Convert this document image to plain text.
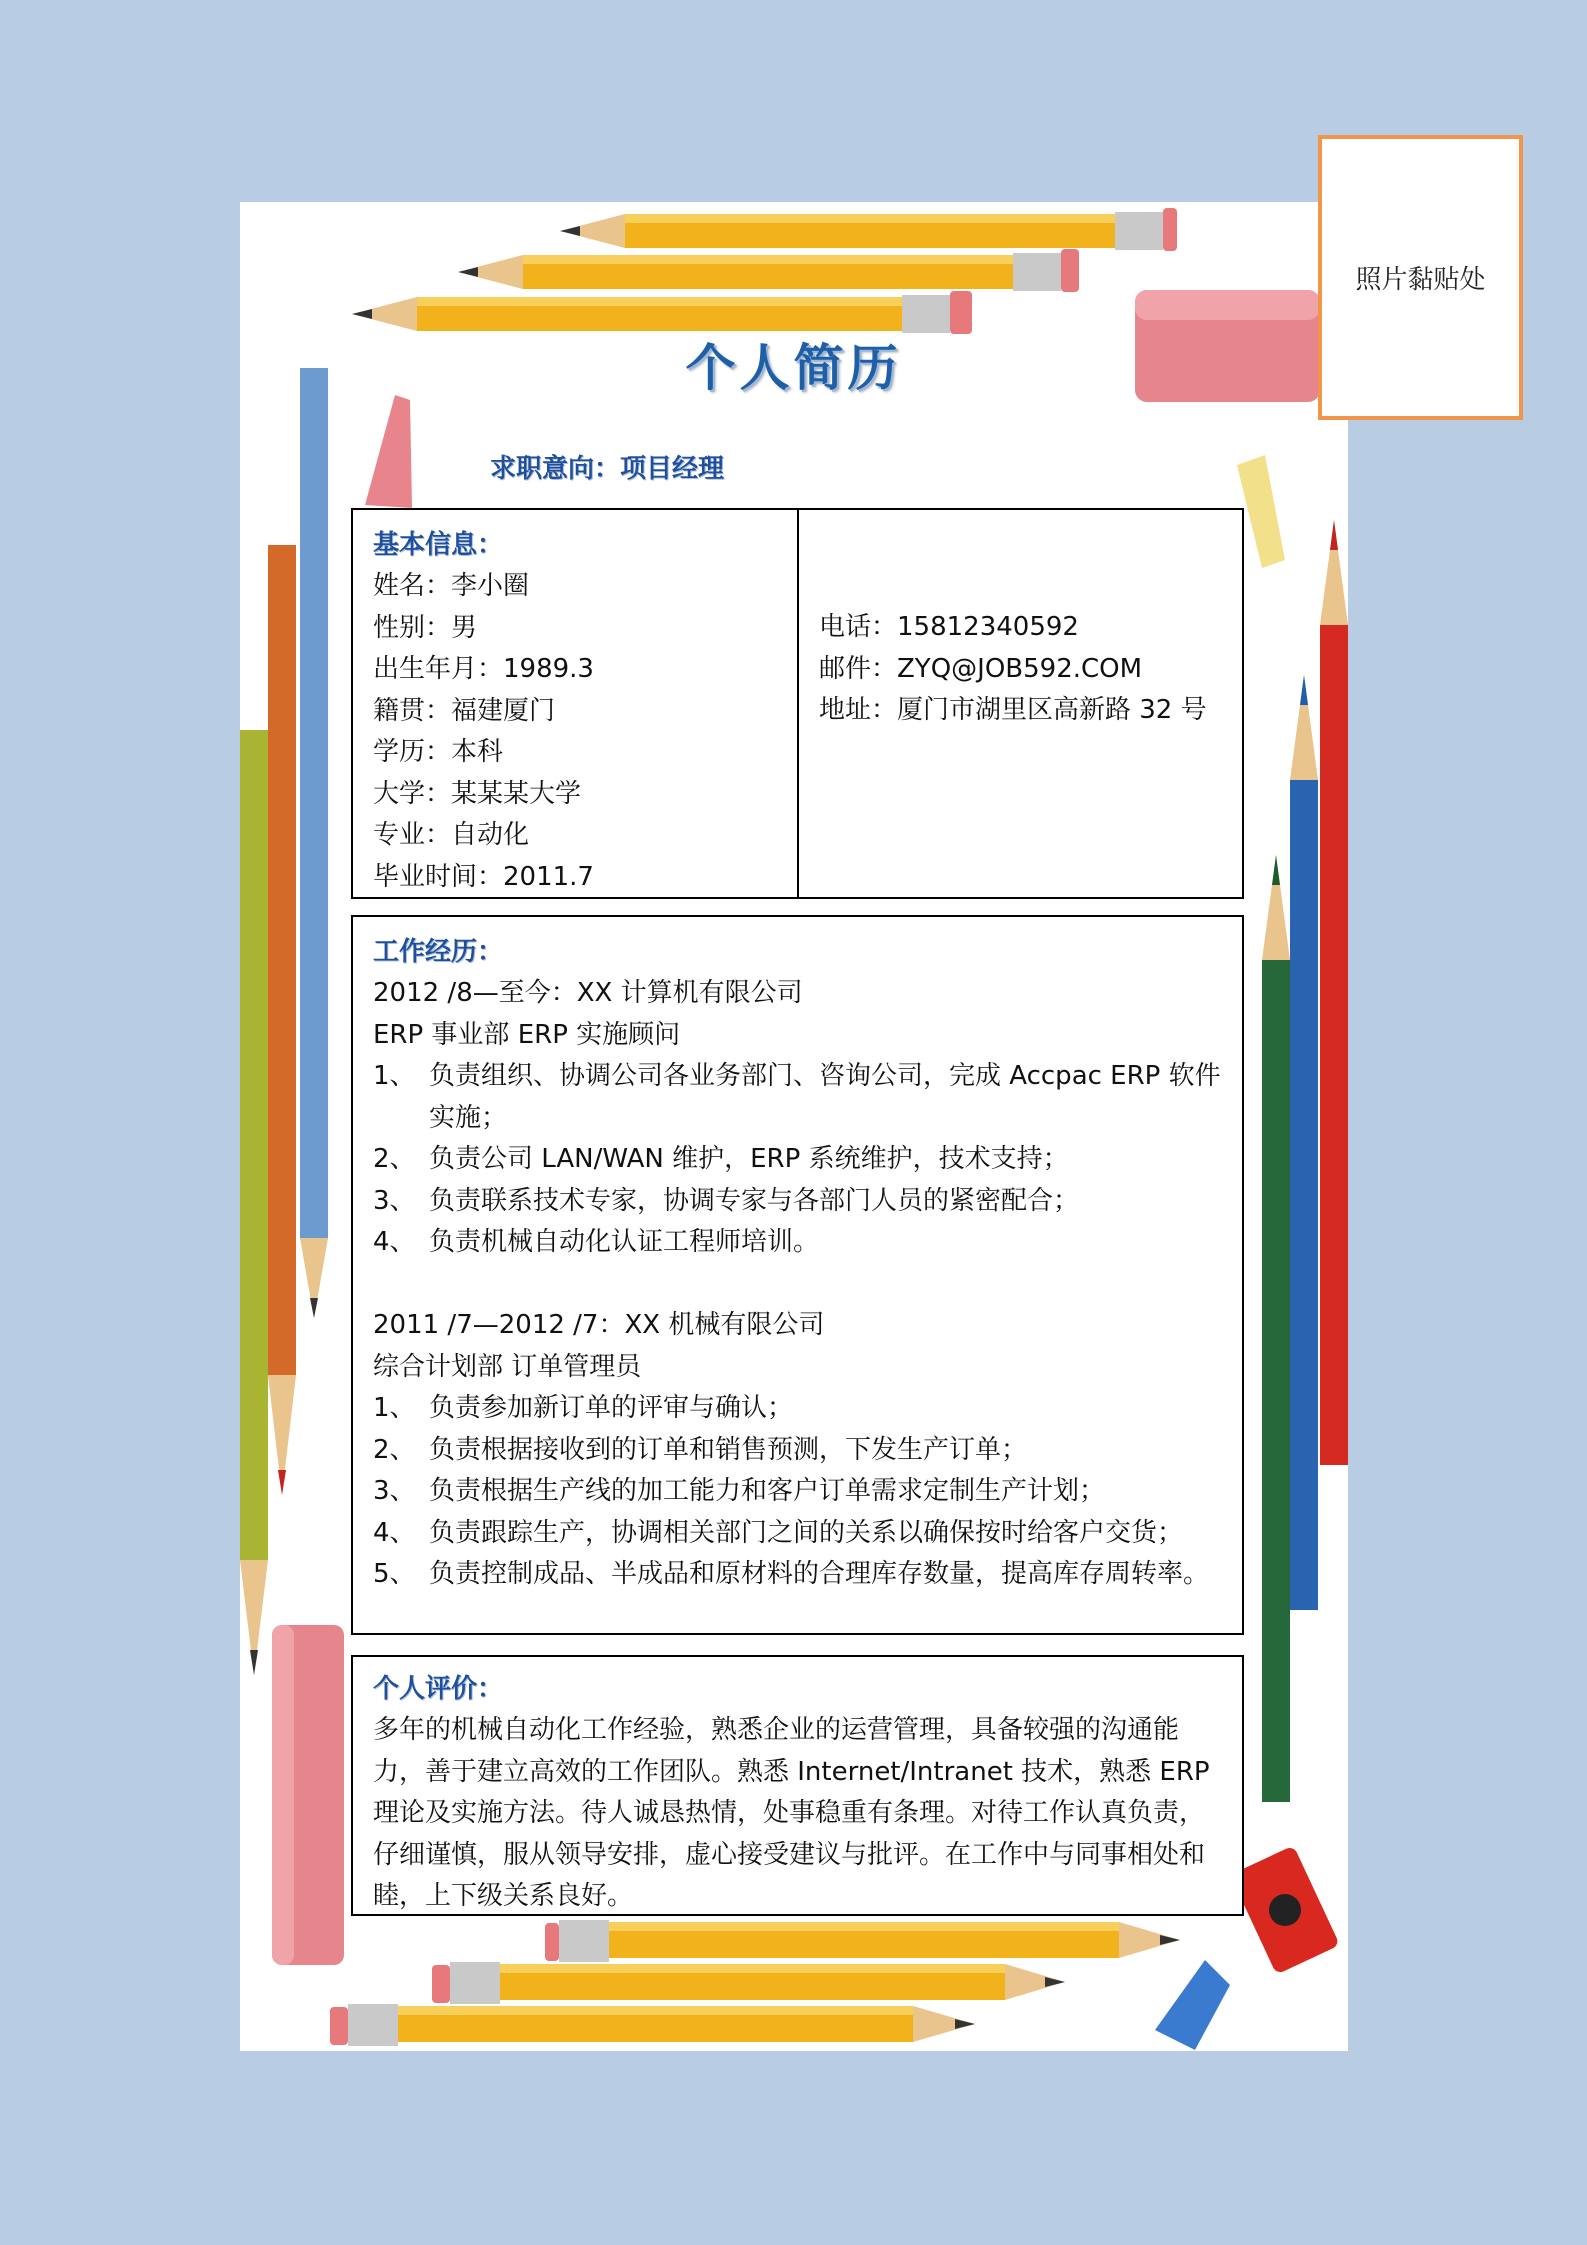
个人简历
求职意向：项目经理
照片黏贴处
基本信息：
姓名：李小圈
性别：男
出生年月：1989.3
籍贯：福建厦门
学历：本科
大学：某某某大学
专业：自动化
毕业时间：2011.7
电话：15812340592
邮件：ZYQ@JOB592.COM
地址：厦门市湖里区高新路 32 号
工作经历：
2012 /8—至今：XX 计算机有限公司
ERP 事业部 ERP 实施顾问
1、 负责组织、协调公司各业务部门、咨询公司，完成 Accpac ERP 软件实施；
2、 负责公司 LAN/WAN 维护，ERP 系统维护，技术支持；
3、 负责联系技术专家，协调专家与各部门人员的紧密配合；
4、 负责机械自动化认证工程师培训。
2011 /7—2012 /7：XX 机械有限公司
综合计划部 订单管理员
1、 负责参加新订单的评审与确认；
2、 负责根据接收到的订单和销售预测，下发生产订单；
3、 负责根据生产线的加工能力和客户订单需求定制生产计划；
4、 负责跟踪生产，协调相关部门之间的关系以确保按时给客户交货；
5、 负责控制成品、半成品和原材料的合理库存数量，提高库存周转率。
个人评价：
多年的机械自动化工作经验，熟悉企业的运营管理，具备较强的沟通能力，善于建立高效的工作团队。熟悉 Internet/Intranet 技术，熟悉 ERP 理论及实施方法。待人诚恳热情，处事稳重有条理。对待工作认真负责，仔细谨慎，服从领导安排，虚心接受建议与批评。在工作中与同事相处和睦，上下级关系良好。
